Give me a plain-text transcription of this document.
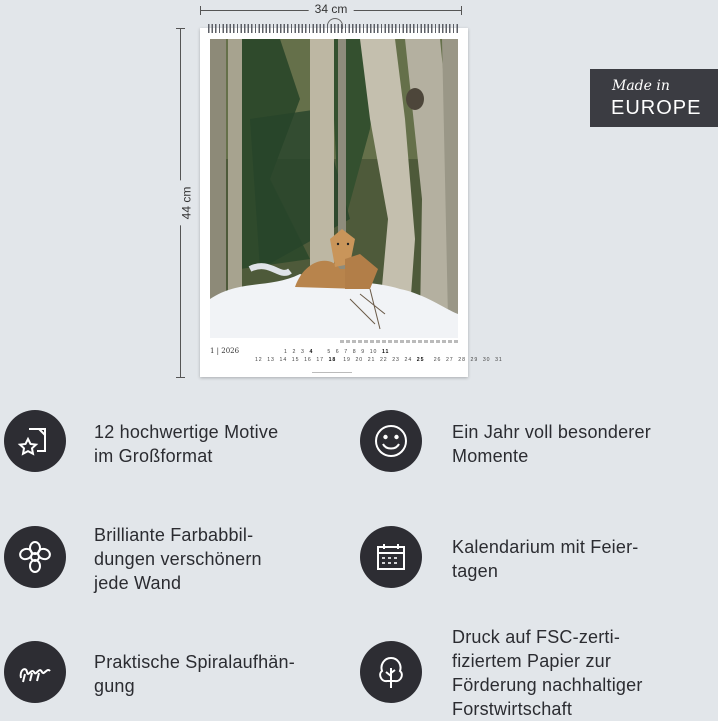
34 cm
44 cm
1 | 2026	1 2 3 4	5 6 7 8 9 10 11
12 13 14 15 16 17 18 19 20 21 22 23 24 25 26 27 28 29 30 31
Made in
EUROPE
12 hochwertige Motive
im Großformat
Ein Jahr voll besonderer
Momente
Brilliante Farbabbil-
dungen verschönern
jede Wand
Kalendarium mit Feier-
tagen
Praktische Spiralaufhän-
gung
Druck auf FSC-zerti-
fiziertem Papier zur
Förderung nachhaltiger
Forstwirtschaft
